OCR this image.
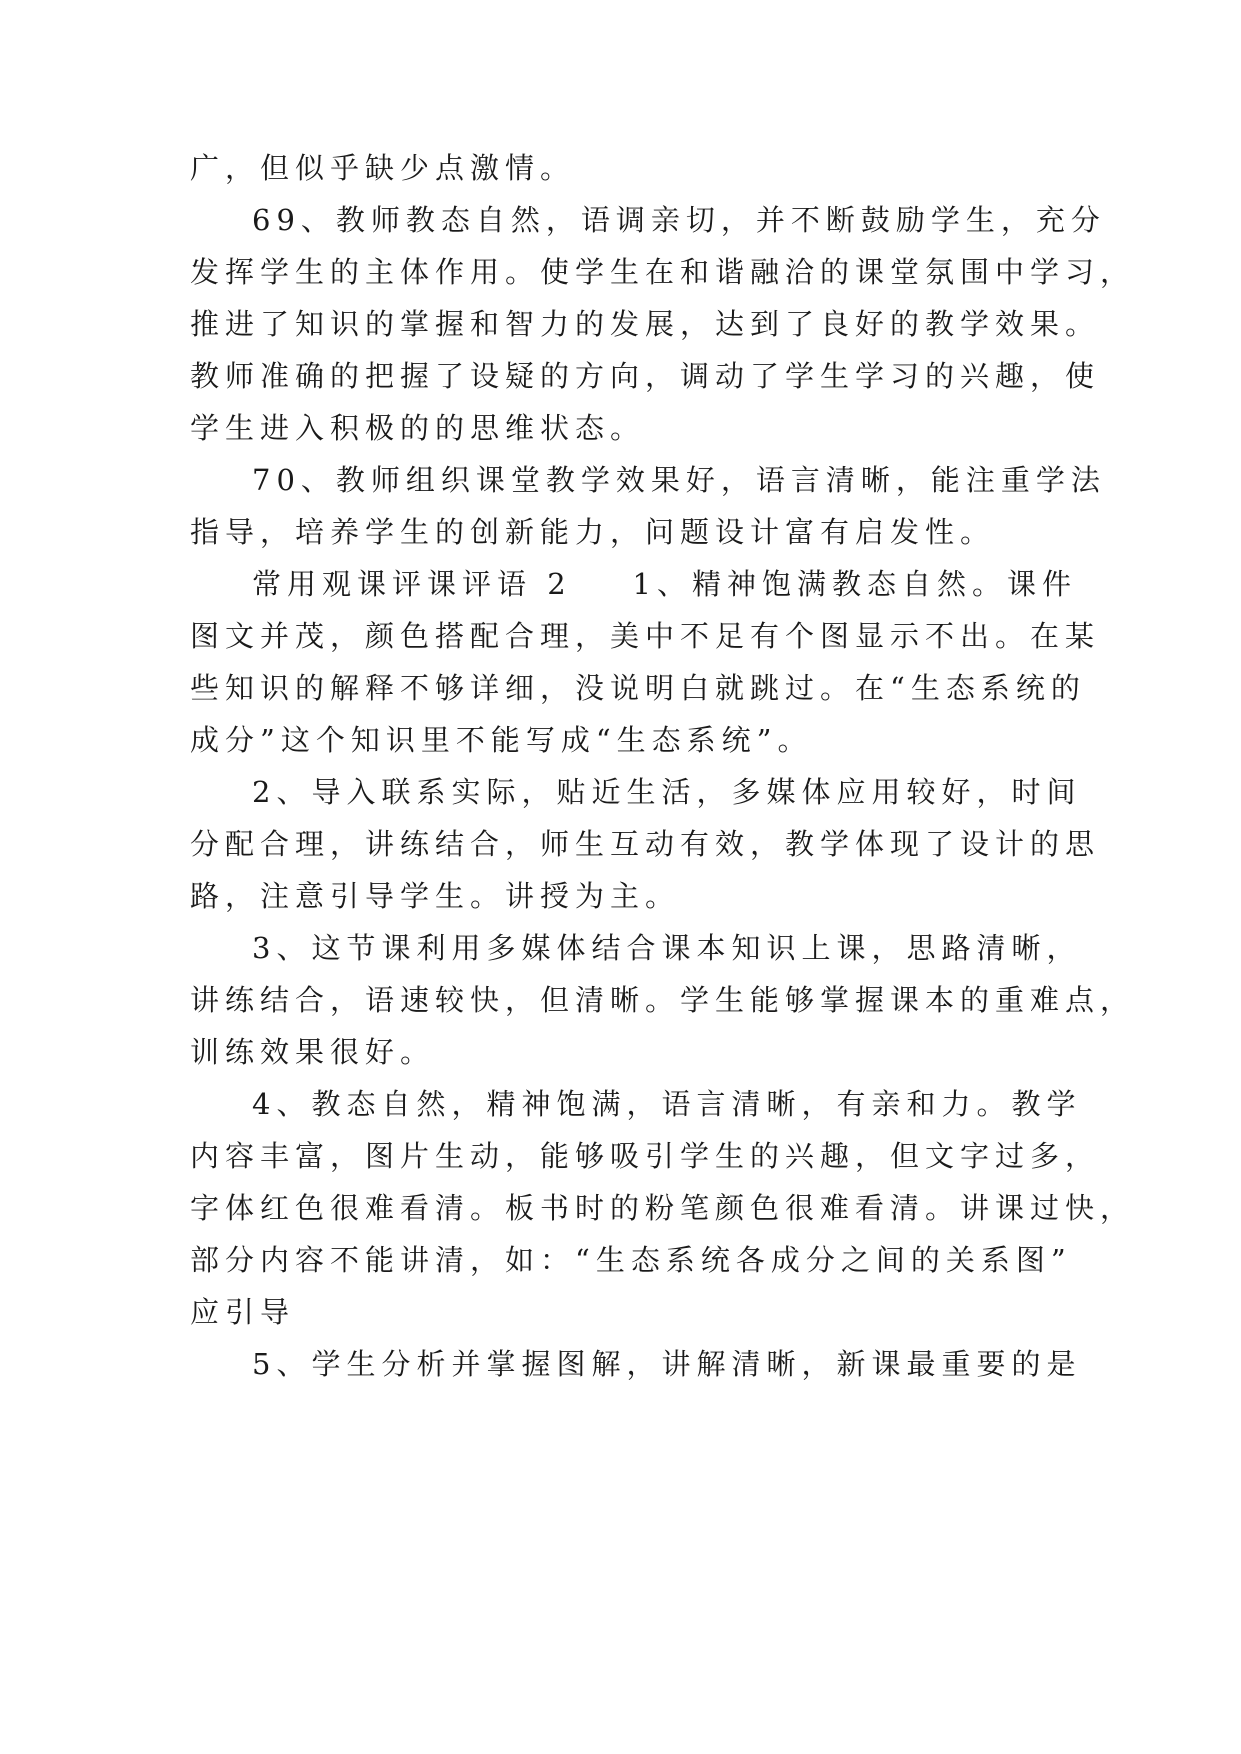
广，但似乎缺少点激情。
69、教师教态自然，语调亲切，并不断鼓励学生，充分
发挥学生的主体作用。使学生在和谐融洽的课堂氛围中学习，
推进了知识的掌握和智力的发展，达到了良好的教学效果。
教师准确的把握了设疑的方向，调动了学生学习的兴趣，使
学生进入积极的的思维状态。
70、教师组织课堂教学效果好，语言清晰，能注重学法
指导，培养学生的创新能力，问题设计富有启发性。
常用观课评课评语 2    1、精神饱满教态自然。课件
图文并茂，颜色搭配合理，美中不足有个图显示不出。在某
些知识的解释不够详细，没说明白就跳过。在“生态系统的
成分”这个知识里不能写成“生态系统”。
2、导入联系实际，贴近生活，多媒体应用较好，时间
分配合理，讲练结合，师生互动有效，教学体现了设计的思
路，注意引导学生。讲授为主。
3、这节课利用多媒体结合课本知识上课，思路清晰，
讲练结合，语速较快，但清晰。学生能够掌握课本的重难点，
训练效果很好。
4、教态自然，精神饱满，语言清晰，有亲和力。教学
内容丰富，图片生动，能够吸引学生的兴趣，但文字过多，
字体红色很难看清。板书时的粉笔颜色很难看清。讲课过快，
部分内容不能讲清，如：“生态系统各成分之间的关系图”
应引导
5、学生分析并掌握图解，讲解清晰，新课最重要的是
